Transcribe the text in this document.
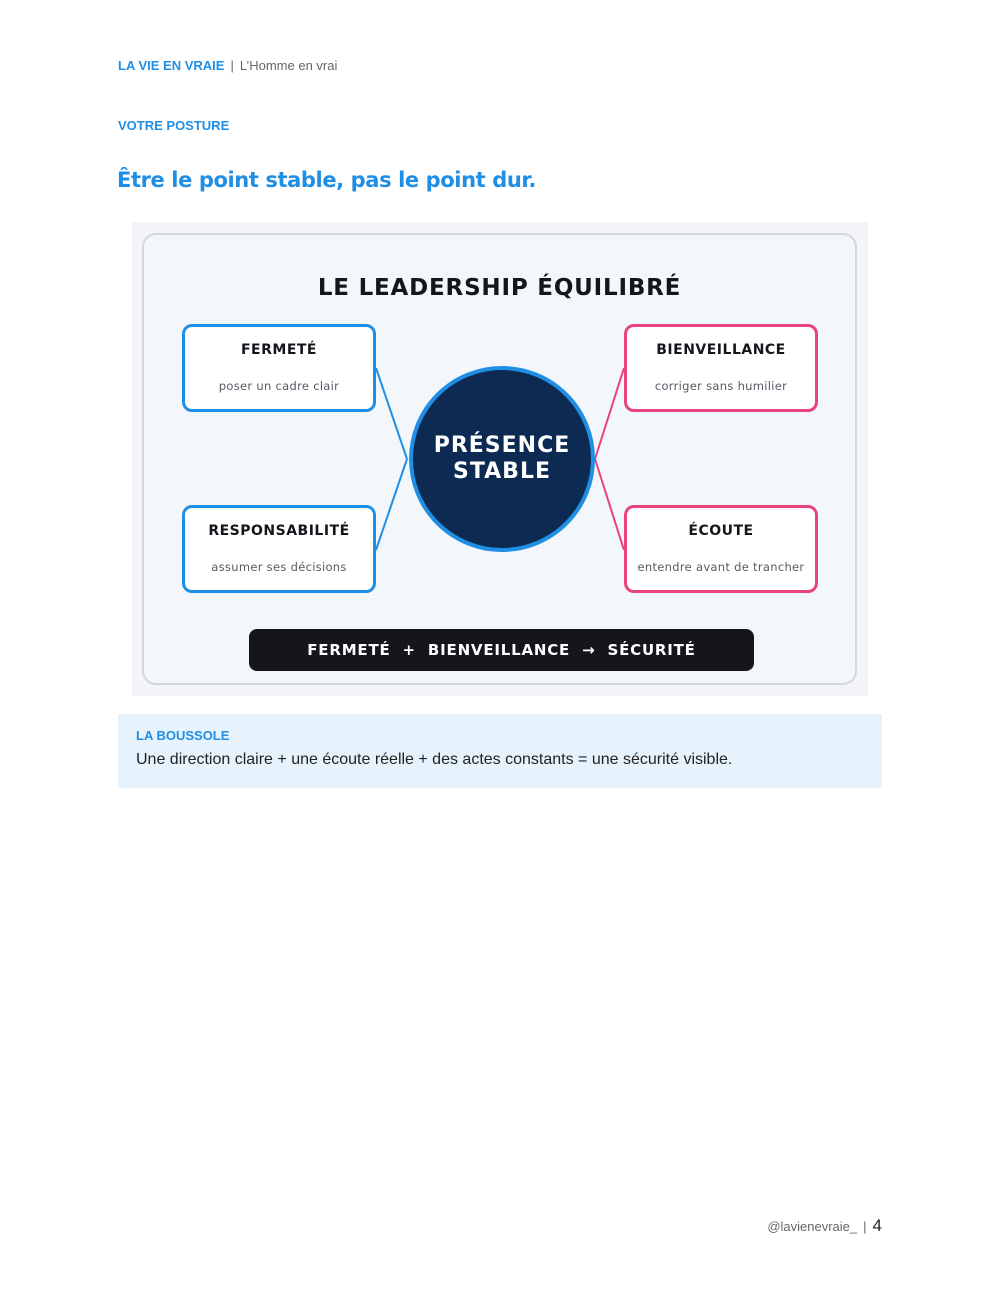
LA VIE EN VRAIE | L’Homme en vrai
VOTRE POSTURE
Être le point stable, pas le point dur.
LE LEADERSHIP ÉQUILIBRÉ
FERMETÉ
poser un cadre clair
BIENVEILLANCE
corriger sans humilier
RESPONSABILITÉ
assumer ses décisions
ÉCOUTE
entendre avant de trancher
PRÉSENCE
STABLE
FERMETÉ + BIENVEILLANCE → SÉCURITÉ
LA BOUSSOLE
Une direction claire + une écoute réelle + des actes constants = une sécurité visible.
@lavienevraie_ | 4
